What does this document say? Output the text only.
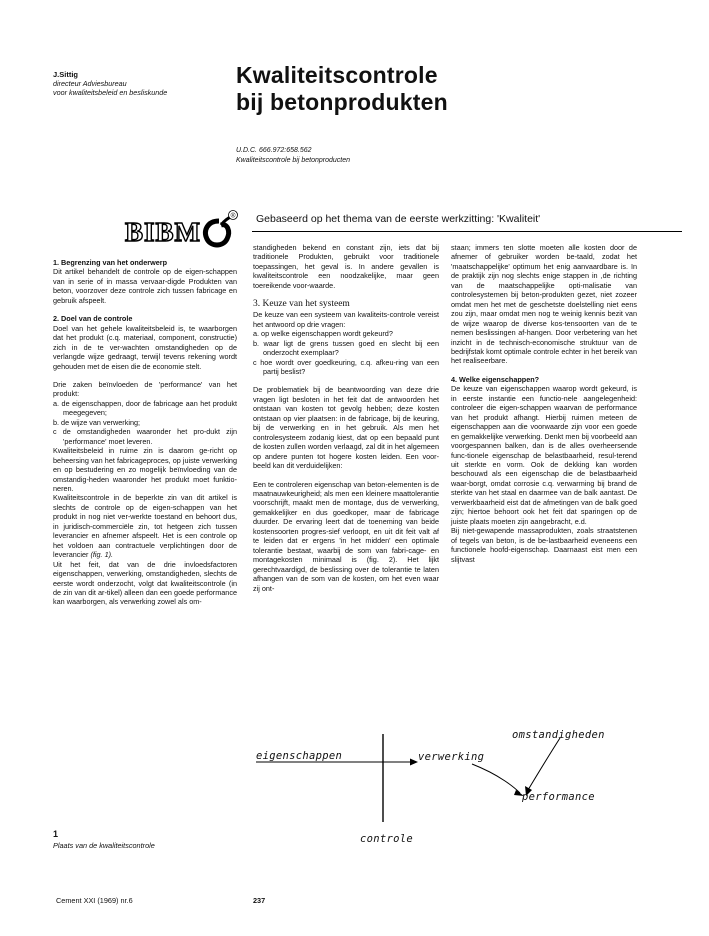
J.Sittig
directeur Adviesbureau
voor kwaliteitsbeleid en besliskunde
Kwaliteitscontrole
bij betonprodukten
U.D.C. 666.972:658.562
Kwaliteitscontrole bij betonproducten
BIBM
® Gebaseerd op het thema van de eerste werkzitting: 'Kwaliteit'

1. Begrenzing van het onderwerp

Dit artikel behandelt de controle op de eigen-schappen van in serie of in massa vervaar-digde Produkten van beton, voorzover deze controle zich tussen fabricage en gebruik afspeelt.

2. Doel van de controle

Doel van het gehele kwaliteitsbeleid is, te waarborgen dat het produkt (c.q. materiaal, component, constructie) zich in de te ver-wachten omstandigheden op de verlangde wijze gedraagt, terwijl tevens rekening wordt gehouden met de eisen die de economie stelt.

Drie zaken beïnvloeden de 'performance' van het produkt:

a. de eigenschappen, door de fabricage aan het produkt meegegeven;

b. de wijze van verwerking;

c de omstandigheden waaronder het pro-dukt zijn 'performance' moet leveren.

Kwaliteitsbeleid in ruime zin is daarom ge-richt op beheersing van het fabricageproces, op juiste verwerking en op bestudering en zo mogelijk beïnvloeding van de omstandig-heden waaronder het produkt moet funktio-neren.

Kwaliteitscontrole in de beperkte zin van dit artikel is slechts de controle op de eigen-schappen van het produkt in nog niet ver-werkte toestand en behoort dus, in juridisch-commerciële zin, tot hetgeen zich tussen leverancier en afnemer afspeelt. Het is een controle op het voldoen aan contractuele verplichtingen door de leverancier (fig. 1).

Uit het feit, dat van de drie invloedsfactoren eigenschappen, verwerking, omstandigheden, slechts de eerste wordt onderzocht, volgt dat kwaliteitscontrole (in de zin van dit ar-tikel) alleen dan een goede performance kan waarborgen, als verwerking zowel als om-

standigheden bekend en constant zijn, iets dat bij traditionele Produkten, gebruikt voor traditionele toepassingen, het geval is. In andere gevallen is kwaliteitscontrole een noodzakelijke, maar geen toereikende voor-waarde.

3. Keuze van het systeem

De keuze van een systeem van kwaliteits-controle vereist het antwoord op drie vragen:

a. op welke eigenschappen wordt gekeurd?

b. waar ligt de grens tussen goed en slecht bij een onderzocht exemplaar?

c hoe wordt over goedkeuring, c.q. afkeu-ring van een partij beslist?

De problematiek bij de beantwoording van deze drie vragen ligt besloten in het feit dat de antwoorden het ontstaan van kosten tot gevolg hebben; deze kosten ontstaan op vier plaatsen: in de fabricage, bij de keuring, bij de verwerking en in het gebruik. Als men het controlesysteem zodanig kiest, dat op een bepaald punt de kosten zullen worden verlaagd, zal dit in het algemeen op andere punten tot hogere kosten leiden. Een voor-beeld kan dit verduidelijken:

Een te controleren eigenschap van beton-elementen is de maatnauwkeurigheid; als men een kleinere maattolerantie voorschrijft, maakt men de montage, dus de verwerking, gemakkelijker en dus goedkoper, maar de fabricage duurder. De ervaring leert dat de toeneming van beide kostensoorten progres-sief verloopt, en uit dit feit valt af te leiden dat er ergens 'in het midden' een optimale tolerantie bestaat, waarbij de som van fabri-cage- en montagekosten minimaal is (fig. 2). Het lijkt gerechtvaardigd, de beslissing over de tolerantie te laten afhangen van de som van de kosten, om het even waar zij ont-

staan; immers ten slotte moeten alle kosten door de afnemer of gebruiker worden be-taald, zodat het 'maatschappelijke' optimum het enig aanvaardbare is. In de praktijk zijn nog slechts enige stappen in ,de richting van de maatschappelijke opti-malisatie van controlesystemen bij beton-produkten gezet, niet zozeer omdat men het met de geschetste doelstelling niet eens zou zijn, maar omdat men nog te weinig kennis bezit van de wijze waarop de diverse kos-tensoorten van de te nemen beslissingen af-hangen. Door verbetering van het inzicht in de technisch-economische struktuur van de bedrijfstak komt optimale controle echter in het bereik van het realiseerbare.

4. Welke eigenschappen?

De keuze van eigenschappen waarop wordt gekeurd, is in eerste instantie een functio-nele aangelegenheid: controleer die eigen-schappen waarvan de performance van het produkt afhangt. Hierbij ruimen meteen de eigenschappen aan die voorwaarde zijn voor een goede en gemakkelijke verwerking. Denkt men bij voorbeeld aan voorgespannen balken, dan is de alles overheersende func-tionele eigenschap de belastbaarheid, resul-terend uit sterkte en vorm. Ook de dekking kan worden beschouwd als een eigenschap die de belastbaarheid waar-borgt, omdat corrosie c.q. verwarming bij brand de sterkte van het staal en daarmee van de balk aantast. De verwerkbaarheid eist dat de afmetingen van de balk goed zijn; hiertoe behoort ook het feit dat sparingen op de juiste plaats moeten zijn aangebracht, e.d.

Bij niet-gewapende massaprodukten, zoals straatstenen of tegels van beton, is de be-lastbaarheid eveneens een functionele hoofd-eigenschap. Daarnaast eist men een slijtvast

omstandigheden
eigenschappen	verwerking
performance
controle
1
Plaats van de kwaliteitscontrole
Cement XXI (1969) nr.6	237
